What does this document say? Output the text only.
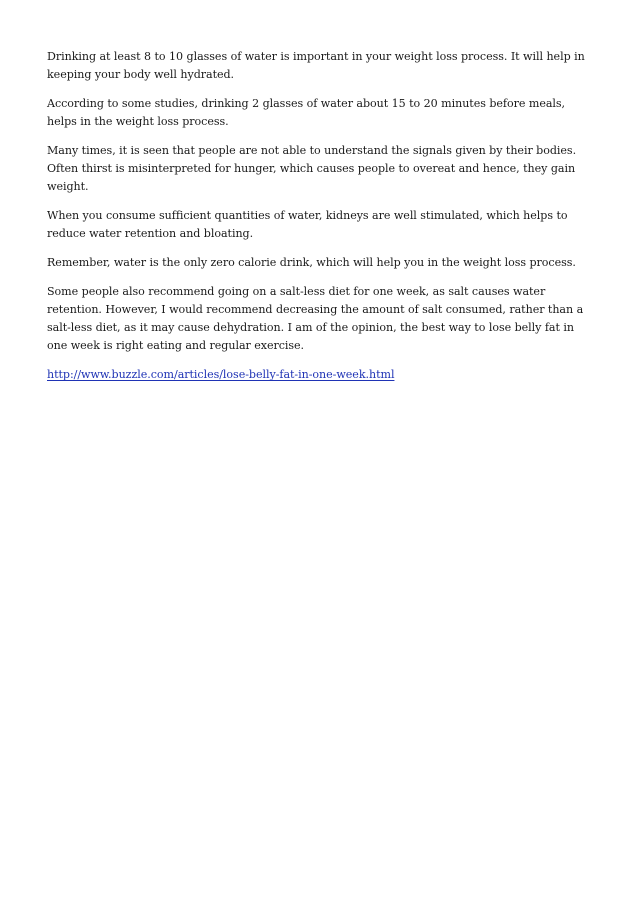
Drinking at least 8 to 10 glasses of water is important in your weight loss process. It will help in keeping your body well hydrated.

According to some studies, drinking 2 glasses of water about 15 to 20 minutes before meals, helps in the weight loss process.

Many times, it is seen that people are not able to understand the signals given by their bodies. Often thirst is misinterpreted for hunger, which causes people to overeat and hence, they gain weight.

When you consume sufficient quantities of water, kidneys are well stimulated, which helps to reduce water retention and bloating.

Remember, water is the only zero calorie drink, which will help you in the weight loss process.

Some people also recommend going on a salt-less diet for one week, as salt causes water retention. However, I would recommend decreasing the amount of salt consumed, rather than a salt-less diet, as it may cause dehydration. I am of the opinion, the best way to lose belly fat in one week is right eating and regular exercise.

http://www.buzzle.com/articles/lose-belly-fat-in-one-week.html
